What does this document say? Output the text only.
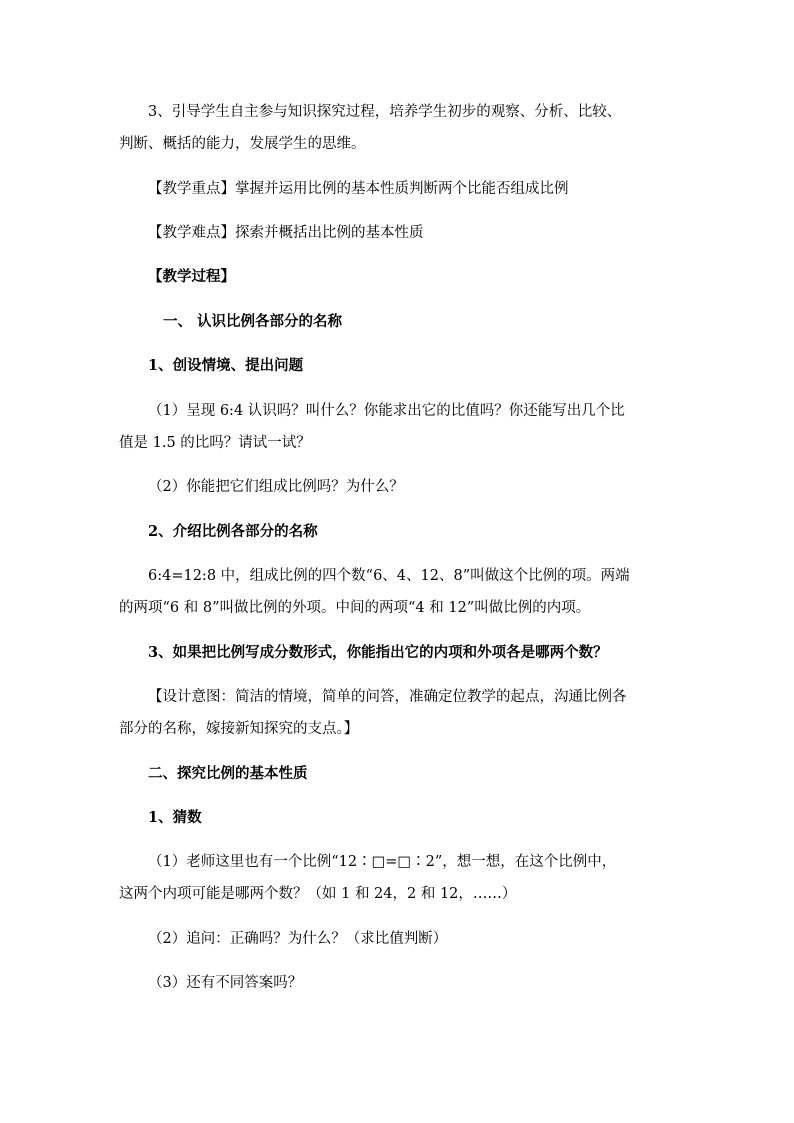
3、引导学生自主参与知识探究过程，培养学生初步的观察、分析、比较、
判断、概括的能力，发展学生的思维。
【教学重点】掌握并运用比例的基本性质判断两个比能否组成比例
【教学难点】探索并概括出比例的基本性质
【教学过程】
一、 认识比例各部分的名称
1、创设情境、提出问题
（1）呈现 6:4 认识吗？叫什么？你能求出它的比值吗？你还能写出几个比
值是 1.5 的比吗？请试一试？
（2）你能把它们组成比例吗？为什么？
2、介绍比例各部分的名称
6:4=12:8 中，组成比例的四个数“6、4、12、8”叫做这个比例的项。两端
的两项“6 和 8”叫做比例的外项。中间的两项“4 和 12”叫做比例的内项。
3、如果把比例写成分数形式，你能指出它的内项和外项各是哪两个数？
【设计意图：简洁的情境，简单的问答，准确定位教学的起点，沟通比例各
部分的名称，嫁接新知探究的支点。】
二、探究比例的基本性质
1、猜数
（1）老师这里也有一个比例“12∶□=□∶2”，想一想，在这个比例中，
这两个内项可能是哪两个数？（如 1 和 24，2 和 12，……）
（2）追问：正确吗？为什么？（求比值判断）
（3）还有不同答案吗？
